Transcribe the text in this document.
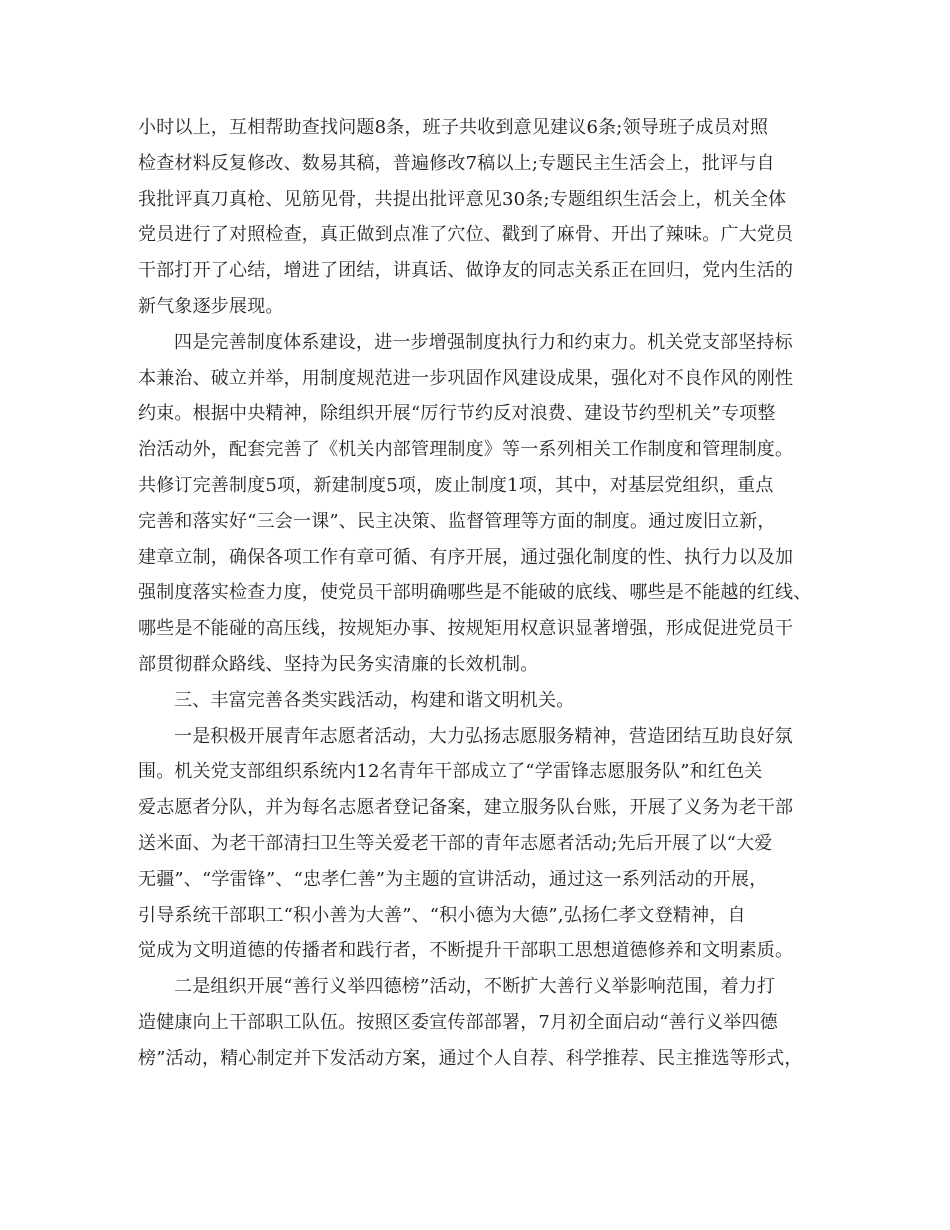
小时以上，互相帮助查找问题8条，班子共收到意见建议6条;领导班子成员对照
检查材料反复修改、数易其稿，普遍修改7稿以上;专题民主生活会上，批评与自
我批评真刀真枪、见筋见骨，共提出批评意见30条;专题组织生活会上，机关全体
党员进行了对照检查，真正做到点准了穴位、戳到了麻骨、开出了辣味。广大党员
干部打开了心结，增进了团结，讲真话、做诤友的同志关系正在回归，党内生活的
新气象逐步展现。
四是完善制度体系建设，进一步增强制度执行力和约束力。机关党支部坚持标
本兼治、破立并举，用制度规范进一步巩固作风建设成果，强化对不良作风的刚性
约束。根据中央精神，除组织开展“厉行节约反对浪费、建设节约型机关”专项整
治活动外，配套完善了《机关内部管理制度》等一系列相关工作制度和管理制度。
共修订完善制度5项，新建制度5项，废止制度1项，其中，对基层党组织，重点
完善和落实好“三会一课”、民主决策、监督管理等方面的制度。通过废旧立新，
建章立制，确保各项工作有章可循、有序开展，通过强化制度的性、执行力以及加
强制度落实检查力度，使党员干部明确哪些是不能破的底线、哪些是不能越的红线、
哪些是不能碰的高压线，按规矩办事、按规矩用权意识显著增强，形成促进党员干
部贯彻群众路线、坚持为民务实清廉的长效机制。
三、丰富完善各类实践活动，构建和谐文明机关。
一是积极开展青年志愿者活动，大力弘扬志愿服务精神，营造团结互助良好氛
围。机关党支部组织系统内12名青年干部成立了“学雷锋志愿服务队”和红色关
爱志愿者分队，并为每名志愿者登记备案，建立服务队台账，开展了义务为老干部
送米面、为老干部清扫卫生等关爱老干部的青年志愿者活动;先后开展了以“大爱
无疆”、“学雷锋”、“忠孝仁善”为主题的宣讲活动，通过这一系列活动的开展，
引导系统干部职工“积小善为大善”、“积小德为大德”,弘扬仁孝文登精神，自
觉成为文明道德的传播者和践行者，不断提升干部职工思想道德修养和文明素质。
二是组织开展“善行义举四德榜”活动，不断扩大善行义举影响范围，着力打
造健康向上干部职工队伍。按照区委宣传部部署，7月初全面启动“善行义举四德
榜”活动，精心制定并下发活动方案，通过个人自荐、科学推荐、民主推选等形式，
